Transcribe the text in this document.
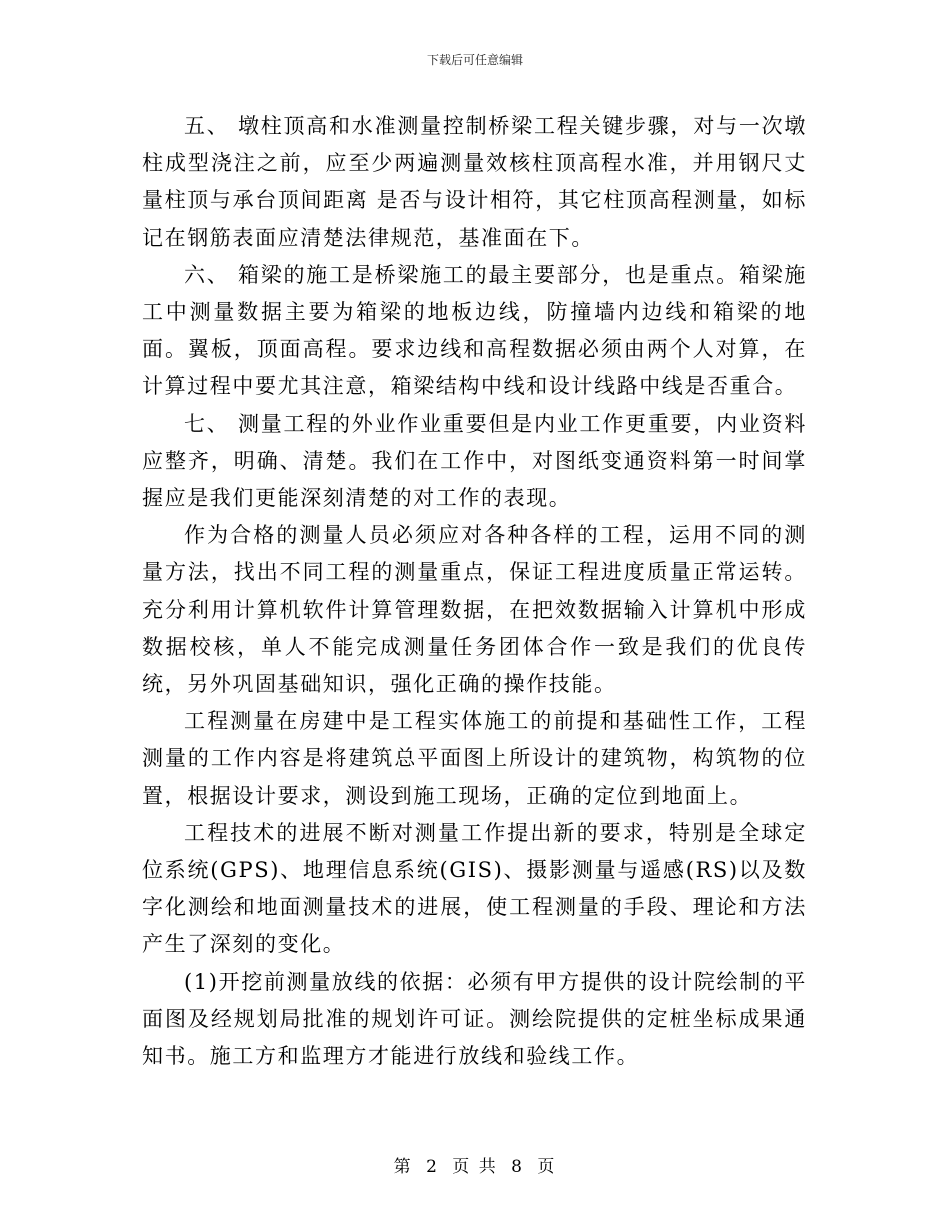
下载后可任意编辑

五、 墩柱顶高和水准测量控制桥梁工程关键步骤，对与一次墩柱成型浇注之前，应至少两遍测量效核柱顶高程水准，并用钢尺丈量柱顶与承台顶间距离 是否与设计相符，其它柱顶高程测量，如标记在钢筋表面应清楚法律规范，基准面在下。

六、 箱梁的施工是桥梁施工的最主要部分，也是重点。箱梁施工中测量数据主要为箱梁的地板边线，防撞墙内边线和箱梁的地面。翼板，顶面高程。要求边线和高程数据必须由两个人对算，在计算过程中要尤其注意，箱梁结构中线和设计线路中线是否重合。

七、 测量工程的外业作业重要但是内业工作更重要，内业资料应整齐，明确、清楚。我们在工作中，对图纸变通资料第一时间掌握应是我们更能深刻清楚的对工作的表现。

作为合格的测量人员必须应对各种各样的工程，运用不同的测量方法，找出不同工程的测量重点，保证工程进度质量正常运转。充分利用计算机软件计算管理数据，在把效数据输入计算机中形成数据校核，单人不能完成测量任务团体合作一致是我们的优良传统，另外巩固基础知识，强化正确的操作技能。

工程测量在房建中是工程实体施工的前提和基础性工作，工程测量的工作内容是将建筑总平面图上所设计的建筑物，构筑物的位置，根据设计要求，测设到施工现场，正确的定位到地面上。

工程技术的进展不断对测量工作提出新的要求，特别是全球定位系统(GPS)、地理信息系统(GIS)、摄影测量与遥感(RS)以及数字化测绘和地面测量技术的进展，使工程测量的手段、理论和方法产生了深刻的变化。

(1)开挖前测量放线的依据：必须有甲方提供的设计院绘制的平面图及经规划局批准的规划许可证。测绘院提供的定桩坐标成果通知书。施工方和监理方才能进行放线和验线工作。

第 2 页 共 8 页
